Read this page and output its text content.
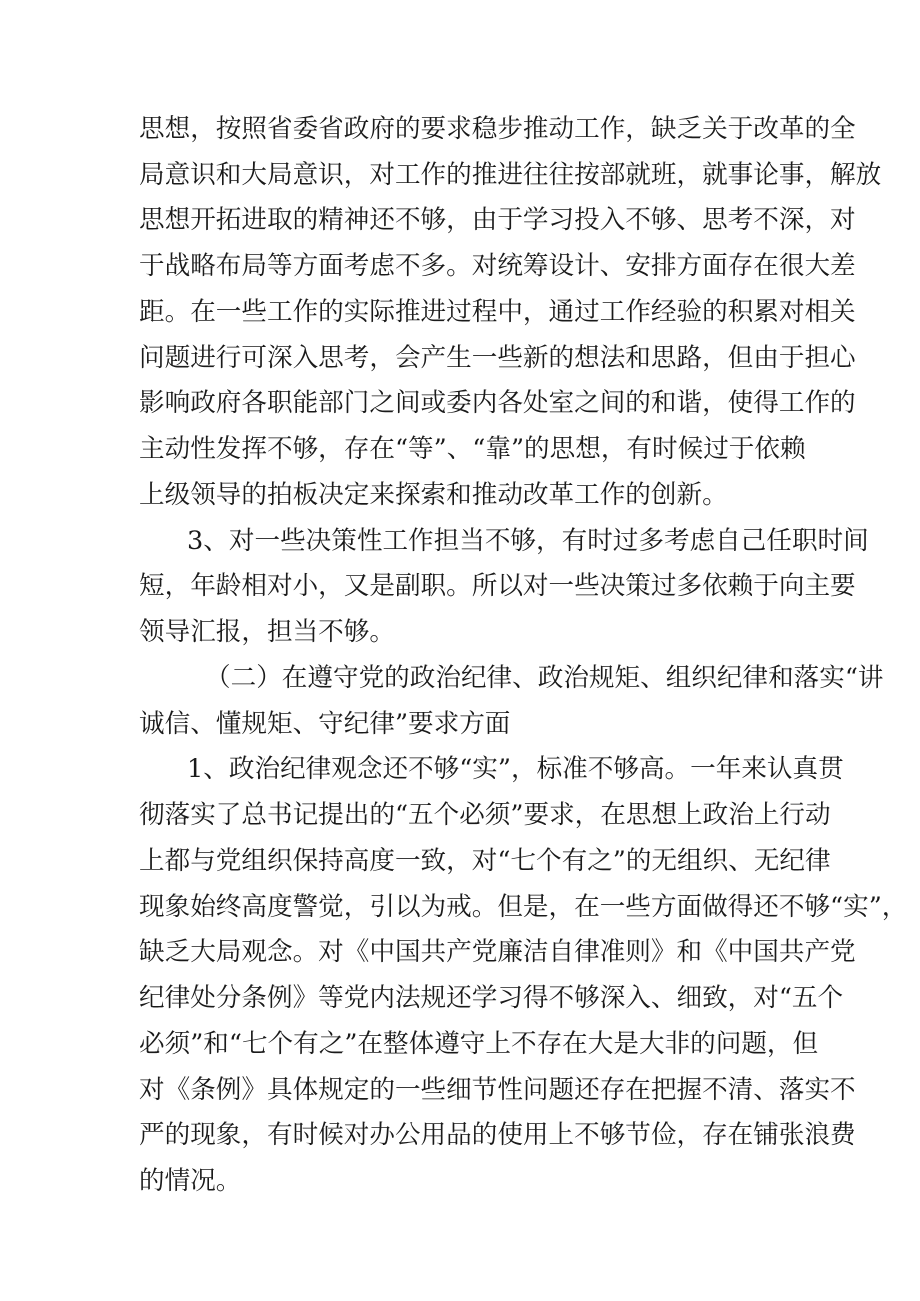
思想，按照省委省政府的要求稳步推动工作，缺乏关于改革的全
局意识和大局意识，对工作的推进往往按部就班，就事论事，解放
思想开拓进取的精神还不够，由于学习投入不够、思考不深，对
于战略布局等方面考虑不多。对统筹设计、安排方面存在很大差
距。在一些工作的实际推进过程中，通过工作经验的积累对相关
问题进行可深入思考，会产生一些新的想法和思路，但由于担心
影响政府各职能部门之间或委内各处室之间的和谐，使得工作的
主动性发挥不够，存在“等”、“靠”的思想，有时候过于依赖
上级领导的拍板决定来探索和推动改革工作的创新。
3、对一些决策性工作担当不够，有时过多考虑自己任职时间
短，年龄相对小，又是副职。所以对一些决策过多依赖于向主要
领导汇报，担当不够。
（二）在遵守党的政治纪律、政治规矩、组织纪律和落实“讲
诚信、懂规矩、守纪律”要求方面
1、政治纪律观念还不够“实”，标准不够高。一年来认真贯
彻落实了总书记提出的“五个必须”要求，在思想上政治上行动
上都与党组织保持高度一致，对“七个有之”的无组织、无纪律
现象始终高度警觉，引以为戒。但是，在一些方面做得还不够“实”，
缺乏大局观念。对《中国共产党廉洁自律准则》和《中国共产党
纪律处分条例》等党内法规还学习得不够深入、细致，对“五个
必须”和“七个有之”在整体遵守上不存在大是大非的问题，但
对《条例》具体规定的一些细节性问题还存在把握不清、落实不
严的现象，有时候对办公用品的使用上不够节俭，存在铺张浪费
的情况。
